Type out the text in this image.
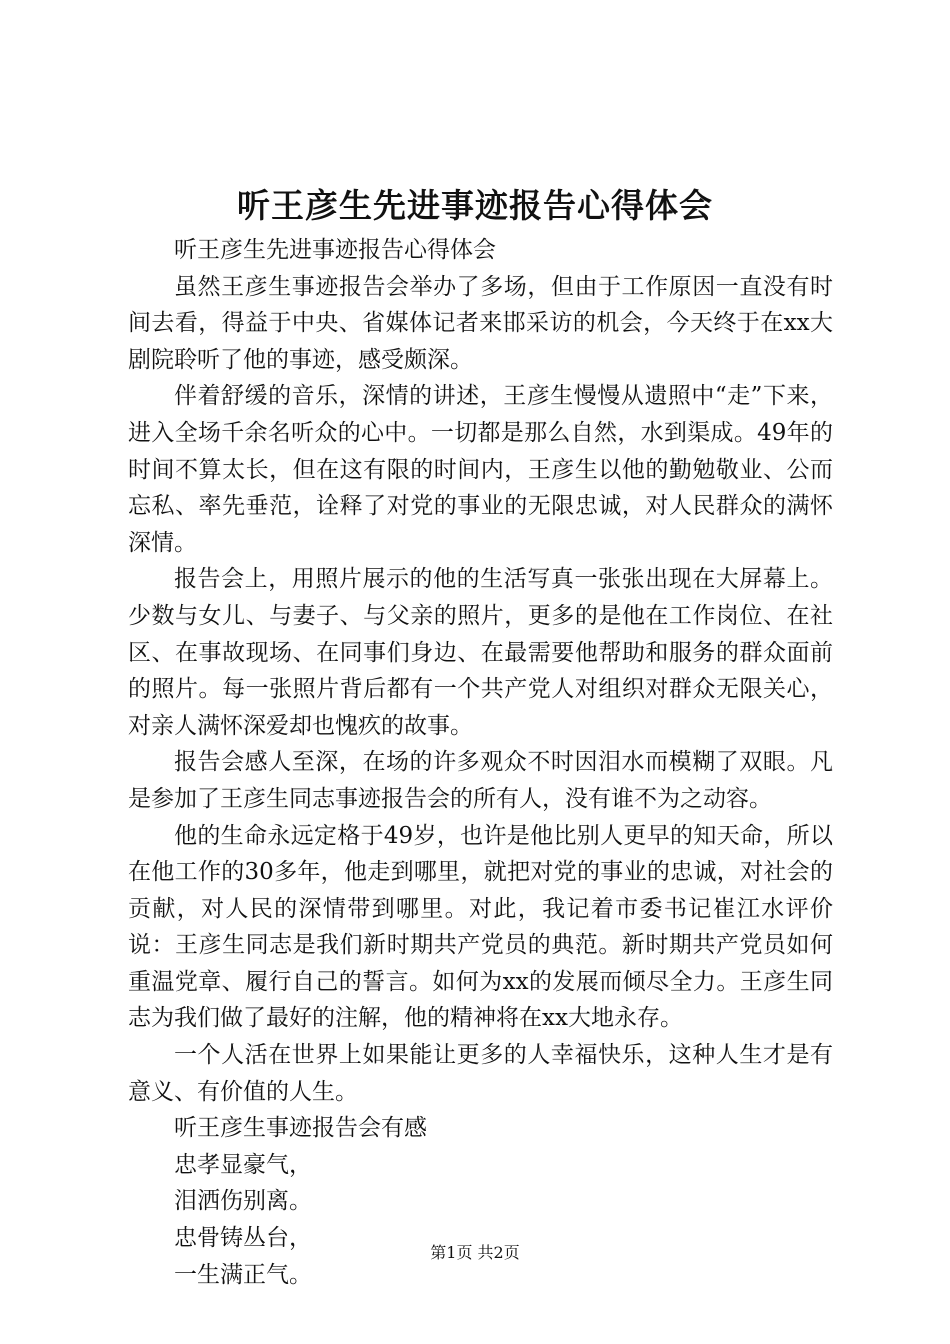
听王彦生先进事迹报告心得体会

听王彦生先进事迹报告心得体会

虽然王彦生事迹报告会举办了多场，但由于工作原因一直没有时间去看，得益于中央、省媒体记者来邯采访的机会，今天终于在xx大剧院聆听了他的事迹，感受颇深。

伴着舒缓的音乐，深情的讲述，王彦生慢慢从遗照中“走”下来，进入全场千余名听众的心中。一切都是那么自然，水到渠成。49年的时间不算太长，但在这有限的时间内，王彦生以他的勤勉敬业、公而忘私、率先垂范，诠释了对党的事业的无限忠诚，对人民群众的满怀深情。

报告会上，用照片展示的他的生活写真一张张出现在大屏幕上。少数与女儿、与妻子、与父亲的照片，更多的是他在工作岗位、在社区、在事故现场、在同事们身边、在最需要他帮助和服务的群众面前的照片。每一张照片背后都有一个共产党人对组织对群众无限关心，对亲人满怀深爱却也愧疚的故事。

报告会感人至深，在场的许多观众不时因泪水而模糊了双眼。凡是参加了王彦生同志事迹报告会的所有人，没有谁不为之动容。

他的生命永远定格于49岁，也许是他比别人更早的知天命，所以在他工作的30多年，他走到哪里，就把对党的事业的忠诚，对社会的贡献，对人民的深情带到哪里。对此，我记着市委书记崔江水评价说：王彦生同志是我们新时期共产党员的典范。新时期共产党员如何重温党章、履行自己的誓言。如何为xx的发展而倾尽全力。王彦生同志为我们做了最好的注解，他的精神将在xx大地永存。

一个人活在世界上如果能让更多的人幸福快乐，这种人生才是有意义、有价值的人生。

听王彦生事迹报告会有感

忠孝显豪气，

泪洒伤别离。

忠骨铸丛台，

一生满正气。

第1页 共2页
